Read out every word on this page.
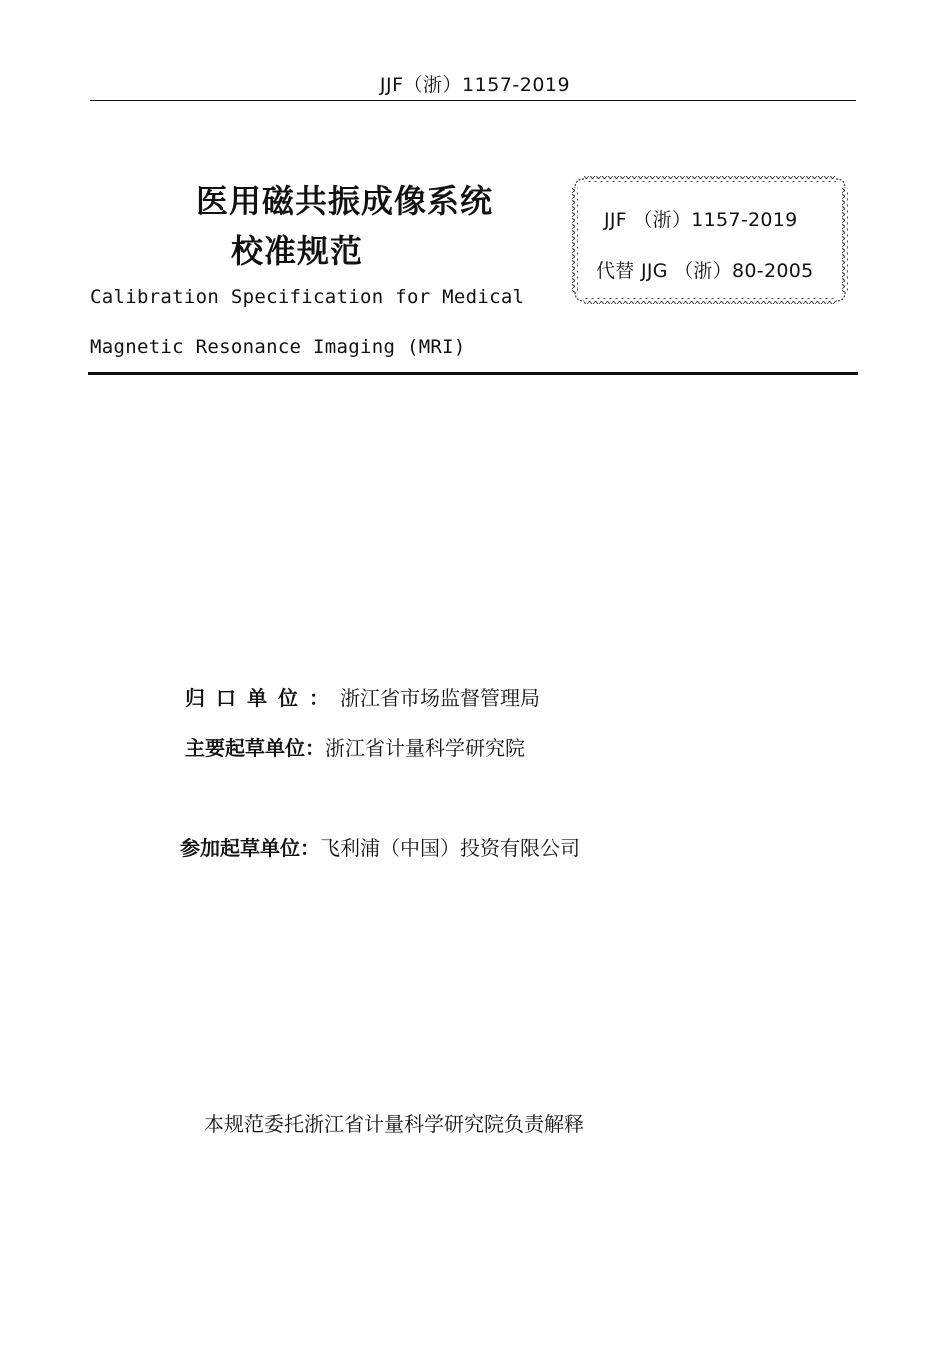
JJF（浙）1157-2019
医用磁共振成像系统
校准规范
Calibration Specification for Medical
Magnetic Resonance Imaging (MRI)
JJF （浙）1157-2019
代替 JJG （浙）80-2005
归口单位：浙江省市场监督管理局
主要起草单位：浙江省计量科学研究院
参加起草单位：飞利浦（中国）投资有限公司
本规范委托浙江省计量科学研究院负责解释
